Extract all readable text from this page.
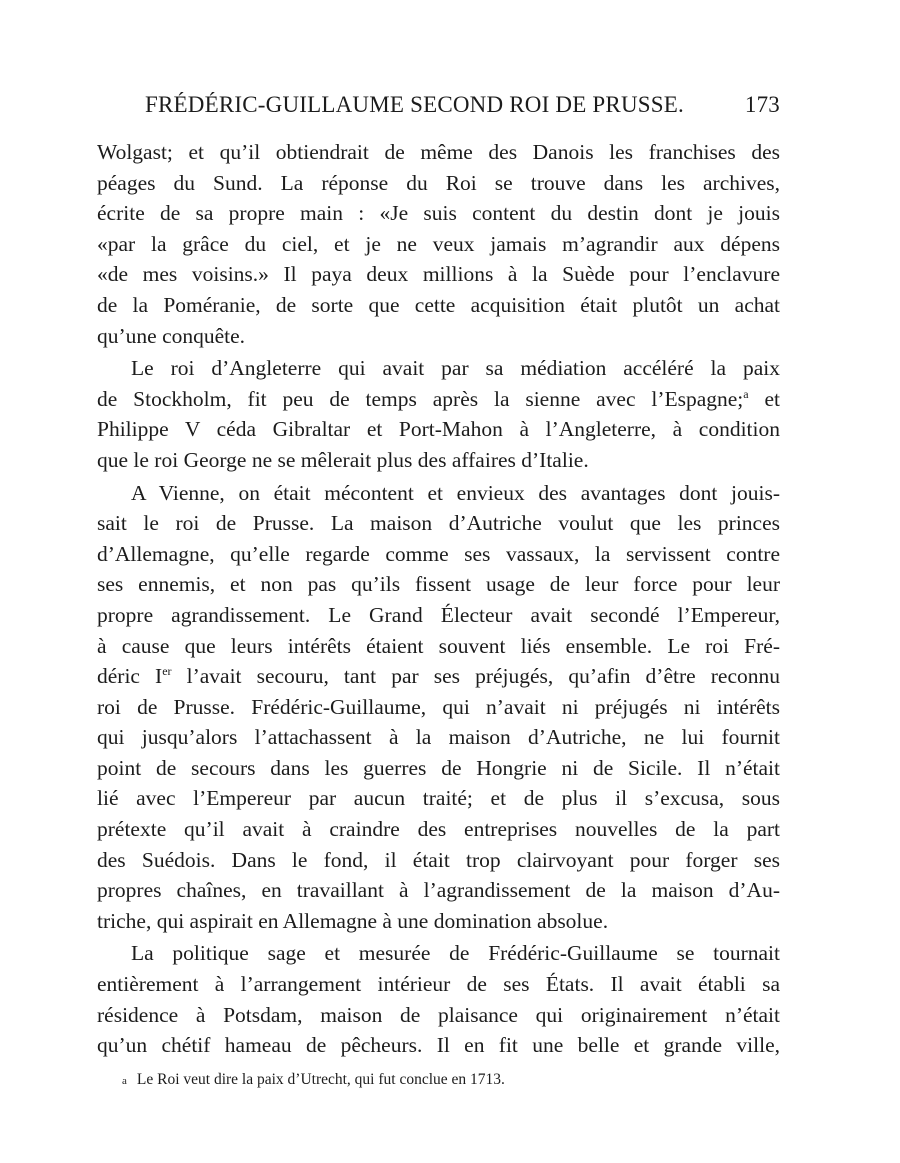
FRÉDÉRIC-GUILLAUME SECOND ROI DE PRUSSE.	173
Wolgast; et qu’il obtiendrait de même des Danois les franchises des
péages du Sund. La réponse du Roi se trouve dans les archives,
écrite de sa propre main : «Je suis content du destin dont je jouis
«par la grâce du ciel, et je ne veux jamais m’agrandir aux dépens
«de mes voisins.» Il paya deux millions à la Suède pour l’enclavure
de la Poméranie, de sorte que cette acquisition était plutôt un achat
qu’une conquête.
Le roi d’Angleterre qui avait par sa médiation accéléré la paix
de Stockholm, fit peu de temps après la sienne avec l’Espagne;$^a$ et
Philippe V céda Gibraltar et Port-Mahon à l’Angleterre, à condition
que le roi George ne se mêlerait plus des affaires d’Italie.
A Vienne, on était mécontent et envieux des avantages dont jouis-
sait le roi de Prusse. La maison d’Autriche voulut que les princes
d’Allemagne, qu’elle regarde comme ses vassaux, la servissent contre
ses ennemis, et non pas qu’ils fissent usage de leur force pour leur
propre agrandissement. Le Grand Électeur avait secondé l’Empereur,
à cause que leurs intérêts étaient souvent liés ensemble. Le roi Fré-
déric Ier l’avait secouru, tant par ses préjugés, qu’afin d’être reconnu
roi de Prusse. Frédéric-Guillaume, qui n’avait ni préjugés ni intérêts
qui jusqu’alors l’attachassent à la maison d’Autriche, ne lui fournit
point de secours dans les guerres de Hongrie ni de Sicile. Il n’était
lié avec l’Empereur par aucun traité; et de plus il s’excusa, sous
prétexte qu’il avait à craindre des entreprises nouvelles de la part
des Suédois. Dans le fond, il était trop clairvoyant pour forger ses
propres chaînes, en travaillant à l’agrandissement de la maison d’Au-
triche, qui aspirait en Allemagne à une domination absolue.
La politique sage et mesurée de Frédéric-Guillaume se tournait
entièrement à l’arrangement intérieur de ses États. Il avait établi sa
résidence à Potsdam, maison de plaisance qui originairement n’était
qu’un chétif hameau de pêcheurs. Il en fit une belle et grande ville,
a Le Roi veut dire la paix d’Utrecht, qui fut conclue en 1713.
